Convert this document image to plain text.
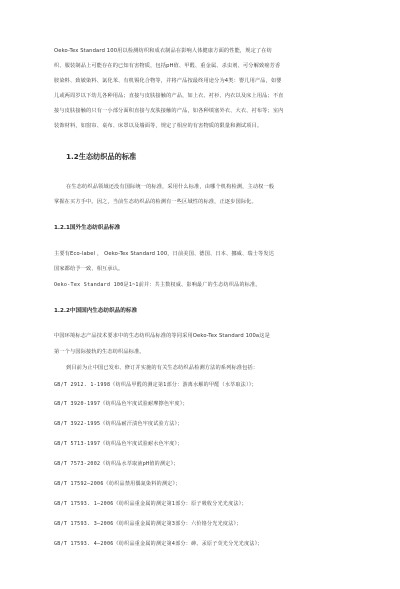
Oeko-Tex Standard 100用以检测纺织和成衣制品在影响人体健康方面的性能，规定了在纺
织、服装制品上可能存在的已知有害物质，包括pH值、甲醛、重金属、杀虫剂、可分解致癌芳香
胺染料、致敏染料、氯化苯、有机锡化合物等，并将产品按最终用途分为4类：婴儿用产品，如婴
儿或两周岁以下幼儿各种用品；直接与皮肤接触的产品，如上衣、衬衫、内衣以及床上用品；不直
接与皮肤接触的只有一小部分面积直接与皮肤接触的产品，如各种填塞外衣、大衣、衬布等；室内
装饰材料，如窗帘、桌布、床罩以及墙面等，规定了相应的有害物质的限量和测试项目。
1.2生态纺织品的标准
在生态纺织品领域还没有国际统一的标准，采用什么标准，由哪个机构检测，主动权一般
掌握在买方手中。因之，当前生态纺织品的检测有一些区域性的标准，正逐步国际化。
1.2.1国外生态纺织品标准
主要有Eco-label ， Oeko-Tex Standard 100，日前美国、德国、日本、挪威、瑞士等发达
国家都给予一致、相互承认。
Oeko-Tex Standard 100是1~1前并：共主数权威、影响最广的生态纺织品的标准。
1.2.2中国国内生态纺织品的标准
中国环境标志产品技术要求中的生态纺织品标准的等同采用Oeko-Tex Standard 100a这是
第一个与国际接轨的生态纺织品标准。
到目前为止中国已发布、修订并实施的有关生态纺织品检测方法的系列标准包括：
GB/T 2912. 1-1998《纺织品甲醛的测定第1部分：游离水解的甲醛（水萃取法）》；
GB/T 3920-1997《纺织品色牢度试验耐摩擦色牢度》；
GB/T 3922-1995《纺织品耐汗渍色牢度试验方法》；
GB/T 5713-1997《纺织品色牢度试验耐水色牢度》；
GB/T 7573-2002《纺织品水萃取液pH值的测定》；
GB/T 17592—2006《纺织品禁用偶氮染料的测定》；
GB/T 17593. 1—2006《纺织品重金属的测定第1部分：原子吸收分光光度法》；
GB/T 17593. 3—2006《纺织品重金属的测定第3部分：六价铬分光光度法》；
GB/T 17593. 4—2006《纺织品重金属的测定第4部分：砷、汞原子荧光分光光度法》；
